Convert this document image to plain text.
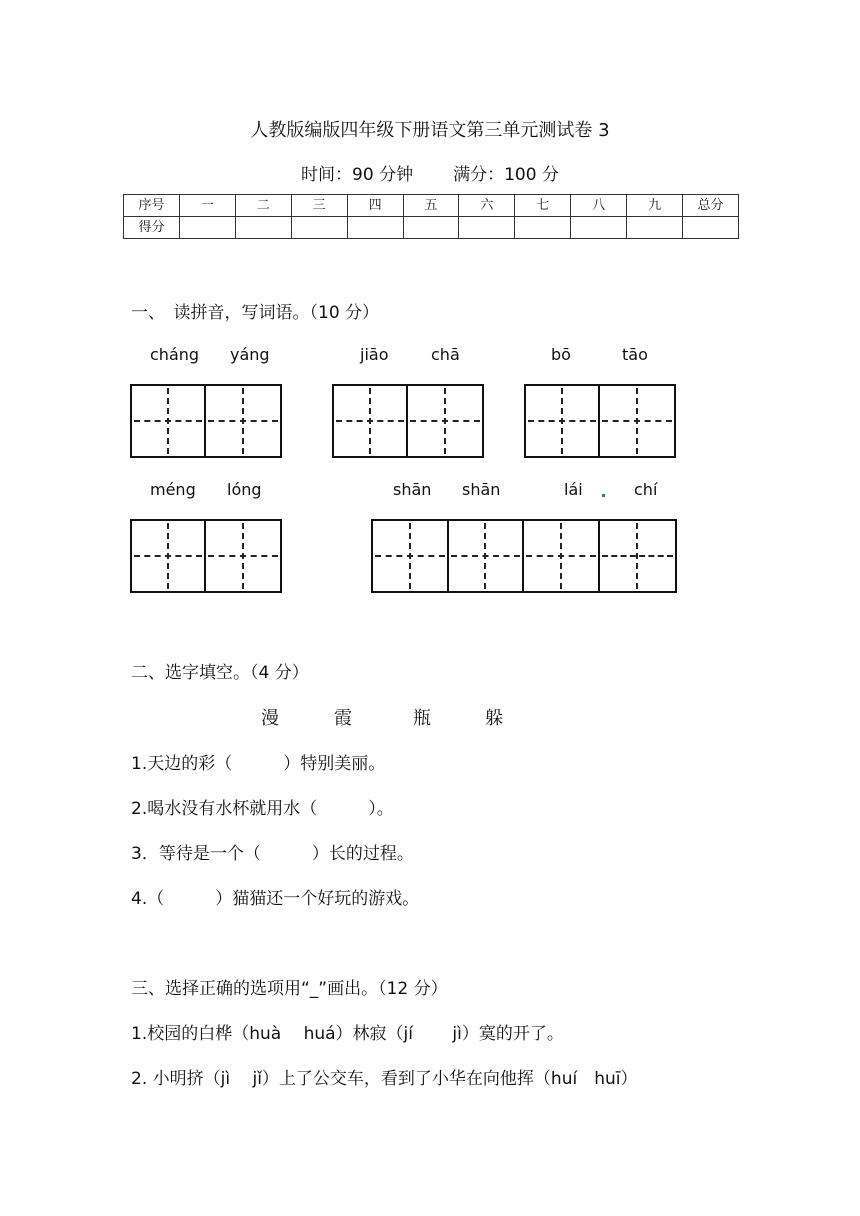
人教版编版四年级下册语文第三单元测试卷 3
时间：90 分钟 满分：100 分
序号	一	二	三	四	五	六	七	八	九	总分
得分										
一、　读拼音，写词语。（10 分）
cháng yáng	jiāo	chā	bō	tāo
méng lóng	shān shān	lái	chí
二、选字填空。（4 分）
漫	霞	瓶	躲
1.天边的彩（　　　）特别美丽。
2.喝水没有水杯就用水（　　　）。
3．等待是一个（　　　）长的过程。
4.（　　　）猫猫还一个好玩的游戏。
三、选择正确的选项用“_”画出。（12 分）
1.校园的白桦（huà　 huá）林寂（jí　　 jì）寞的开了。
2. 小明挤（jì　 jǐ）上了公交车，看到了小华在向他挥（huí　huī）
